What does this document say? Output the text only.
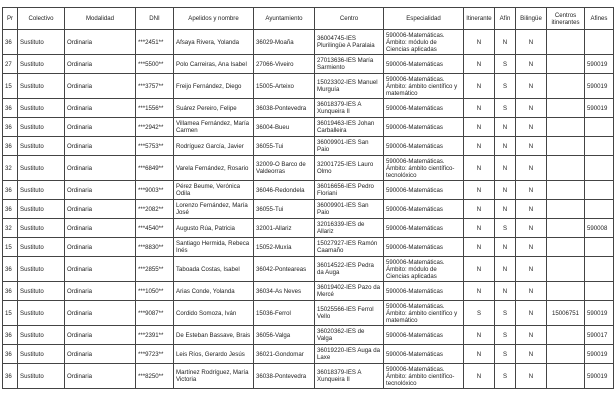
Pr	Colectivo	Modalidad	DNI	Apelidos y nombre	Ayuntamiento	Centro	Especialidad	Itinerante	Afín	Bilingüe	Centros itinerantes	Afines
36	Sustituto	Ordinaria	***2451**	Afsaya Rivera, Yolanda	36029-Moaña	36004745-IES Plurilingüe A Paralaia	590006-Matemáticas. Ámbito: módulo de Ciencias aplicadas	N	N	N		
27	Sustituto	Ordinaria	***5500**	Polo Carreiras, Ana Isabel	27066-Viveiro	27013636-IES María Sarmiento	590006-Matemáticas	N	S	N		590019
15	Sustituto	Ordinaria	***3757**	Freijo Fernández, Diego	15005-Arteixo	15023302-IES Manuel Murguía	590006-Matemáticas. Ámbito: ámbito científico y matemático	N	S	N		590019
36	Sustituto	Ordinaria	***1556**	Suárez Pereiro, Felipe	36038-Pontevedra	36018379-IES A Xunqueira II	590006-Matemáticas	N	S	N		590019
36	Sustituto	Ordinaria	***2942**	Villamea Fernández, María Carmen	36004-Bueu	36019463-IES Johan Carballeira	590006-Matemáticas	N	N	N		
36	Sustituto	Ordinaria	***5753**	Rodríguez García, Javier	36055-Tui	36009901-IES San Paio	590006-Matemáticas	N	N	N		
32	Sustituto	Ordinaria	***6849**	Varela Fernández, Rosario	32009-O Barco de Valdeorras	32001725-IES Lauro Olmo	590006-Matemáticas. Ámbito: ámbito científico-tecnolóxico	N	N	N		
36	Sustituto	Ordinaria	***9003**	Pérez Beume, Verónica Odila	36046-Redondela	36016656-IES Pedro Floriani	590006-Matemáticas	N	N	N		
36	Sustituto	Ordinaria	***2082**	Lorenzo Fernández, María José	36055-Tui	36009901-IES San Paio	590006-Matemáticas	N	N	N		
32	Sustituto	Ordinaria	***4540**	Augusto Rúa, Patricia	32001-Allariz	32016339-IES de Allariz	590006-Matemáticas	N	S	N		590008
15	Sustituto	Ordinaria	***8830**	Santiago Hermida, Rebeca Inés	15052-Muxía	15027927-IES Ramón Caamaño	590006-Matemáticas	N	N	N		
36	Sustituto	Ordinaria	***2855**	Taboada Costas, Isabel	36042-Ponteareas	36014522-IES Pedra da Auga	590006-Matemáticas. Ámbito: módulo de Ciencias aplicadas	N	N	N		
36	Sustituto	Ordinaria	***1050**	Arias Conde, Yolanda	36034-As Neves	36019402-IES Pazo da Mercé	590006-Matemáticas	N	N	N		
15	Sustituto	Ordinaria	***9087**	Cordido Somoza, Iván	15036-Ferrol	15025566-IES Ferrol Vello	590006-Matemáticas. Ámbito: ámbito científico y matemático	S	S	N	15006751	590019
36	Sustituto	Ordinaria	***2391**	De Esteban Bassave, Brais	36056-Valga	36020362-IES de Valga	590006-Matemáticas	N	S	N		590017
36	Sustituto	Ordinaria	***9723**	Leis Ríos, Gerardo Jesús	36021-Gondomar	36019220-IES Auga da Laxe	590006-Matemáticas	N	S	N		590019
36	Sustituto	Ordinaria	***8250**	Martínez Rodríguez, María Victoria	36038-Pontevedra	36018379-IES A Xunqueira II	590006-Matemáticas. Ámbito: ámbito científico-tecnolóxico	N	S	N		590019
